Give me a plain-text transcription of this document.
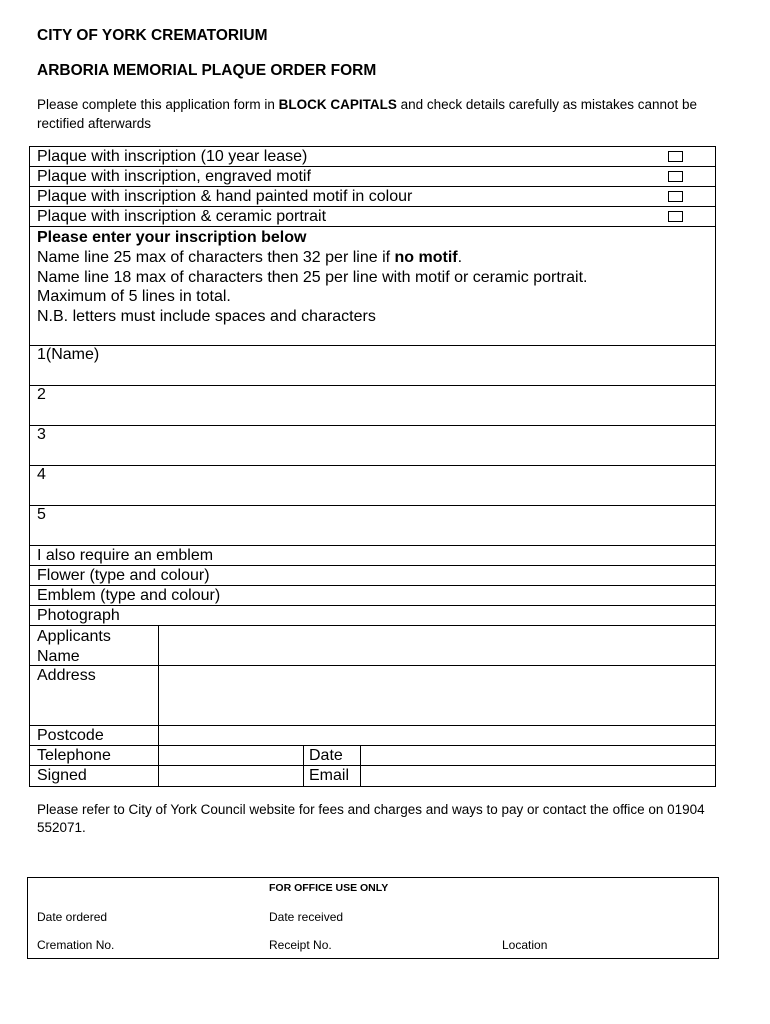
CITY OF YORK CREMATORIUM
ARBORIA MEMORIAL PLAQUE ORDER FORM
Please complete this application form in BLOCK CAPITALS and check details carefully as mistakes cannot be rectified afterwards
Plaque with inscription (10 year lease)
Plaque with inscription, engraved motif
Plaque with inscription & hand painted motif in colour
Plaque with inscription & ceramic portrait
Please enter your inscription below
Name line 25 max of characters then 32 per line if no motif.
Name line 18 max of characters then 25 per line with motif or ceramic portrait.
Maximum of 5 lines in total.
N.B. letters must include spaces and characters
1(Name)
2
3
4
5
I also require an emblem
Flower (type and colour)
Emblem (type and colour)
Photograph
Applicants
Name
Address
Postcode
Telephone	Date
Signed	Email
Please refer to City of York Council website for fees and charges and ways to pay or contact the office on 01904 552071.
FOR OFFICE USE ONLY
Date ordered	Date received
Cremation No.	Receipt No.	Location
